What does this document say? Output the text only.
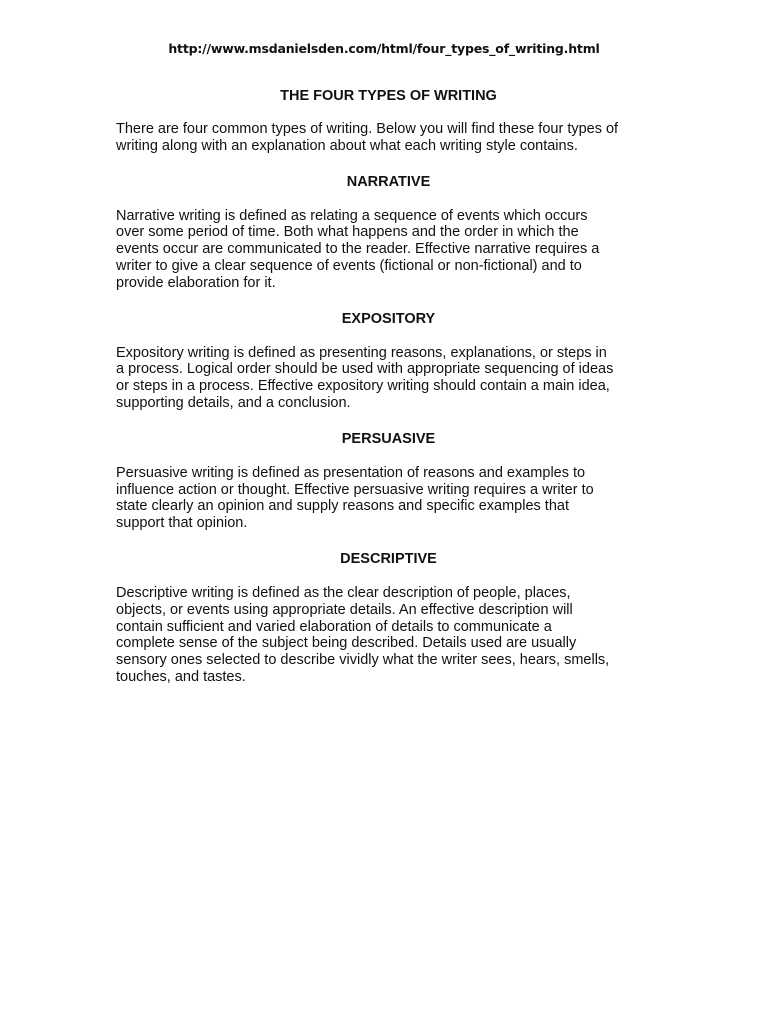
http://www.msdanielsden.com/html/four_types_of_writing.html
THE FOUR TYPES OF WRITING

There are four common types of writing. Below you will find these four types of
writing along with an explanation about what each writing style contains.

NARRATIVE

Narrative writing is defined as relating a sequence of events which occurs
over some period of time. Both what happens and the order in which the
events occur are communicated to the reader. Effective narrative requires a
writer to give a clear sequence of events (fictional or non-fictional) and to
provide elaboration for it.

EXPOSITORY

Expository writing is defined as presenting reasons, explanations, or steps in
a process. Logical order should be used with appropriate sequencing of ideas
or steps in a process. Effective expository writing should contain a main idea,
supporting details, and a conclusion.

PERSUASIVE

Persuasive writing is defined as presentation of reasons and examples to
influence action or thought. Effective persuasive writing requires a writer to
state clearly an opinion and supply reasons and specific examples that
support that opinion.

DESCRIPTIVE

Descriptive writing is defined as the clear description of people, places,
objects, or events using appropriate details. An effective description will
contain sufficient and varied elaboration of details to communicate a
complete sense of the subject being described. Details used are usually
sensory ones selected to describe vividly what the writer sees, hears, smells,
touches, and tastes.
